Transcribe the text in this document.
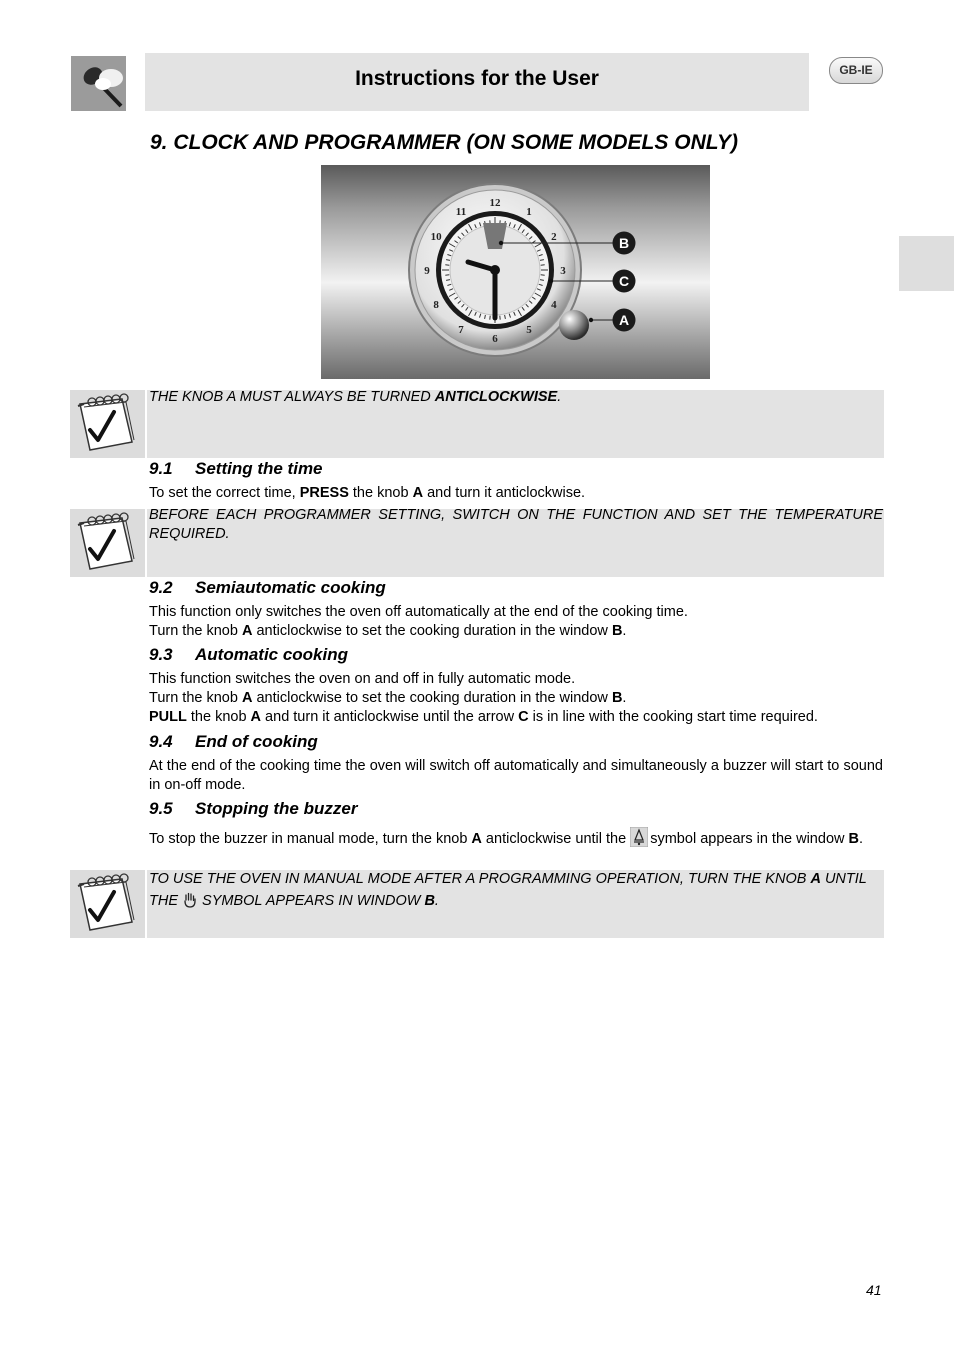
Instructions for the User	GB-IE
9. CLOCK AND PROGRAMMER (ON SOME MODELS ONLY)
12
1
2
3
4
5
6
7
8
9
10
11
B
C
A
THE KNOB A MUST ALWAYS BE TURNED ANTICLOCKWISE.
9.1 Setting the time
To set the correct time, PRESS the knob A and turn it anticlockwise.
BEFORE EACH PROGRAMMER SETTING, SWITCH ON THE FUNCTION AND SET THE TEMPERATURE REQUIRED.
9.2 Semiautomatic cooking
This function only switches the oven off automatically at the end of the cooking time.
Turn the knob A anticlockwise to set the cooking duration in the window B.
9.3 Automatic cooking
This function switches the oven on and off in fully automatic mode.
Turn the knob A anticlockwise to set the cooking duration in the window B.
PULL the knob A and turn it anticlockwise until the arrow C is in line with the cooking start time required.
9.4 End of cooking
At the end of the cooking time the oven will switch off automatically and simultaneously a buzzer will start to sound in on-off mode.
9.5 Stopping the buzzer
To stop the buzzer in manual mode, turn the knob A anticlockwise until the  symbol appears in the window B.
TO USE THE OVEN IN MANUAL MODE AFTER A PROGRAMMING OPERATION, TURN THE KNOB A UNTIL THE  SYMBOL APPEARS IN WINDOW B.
41
